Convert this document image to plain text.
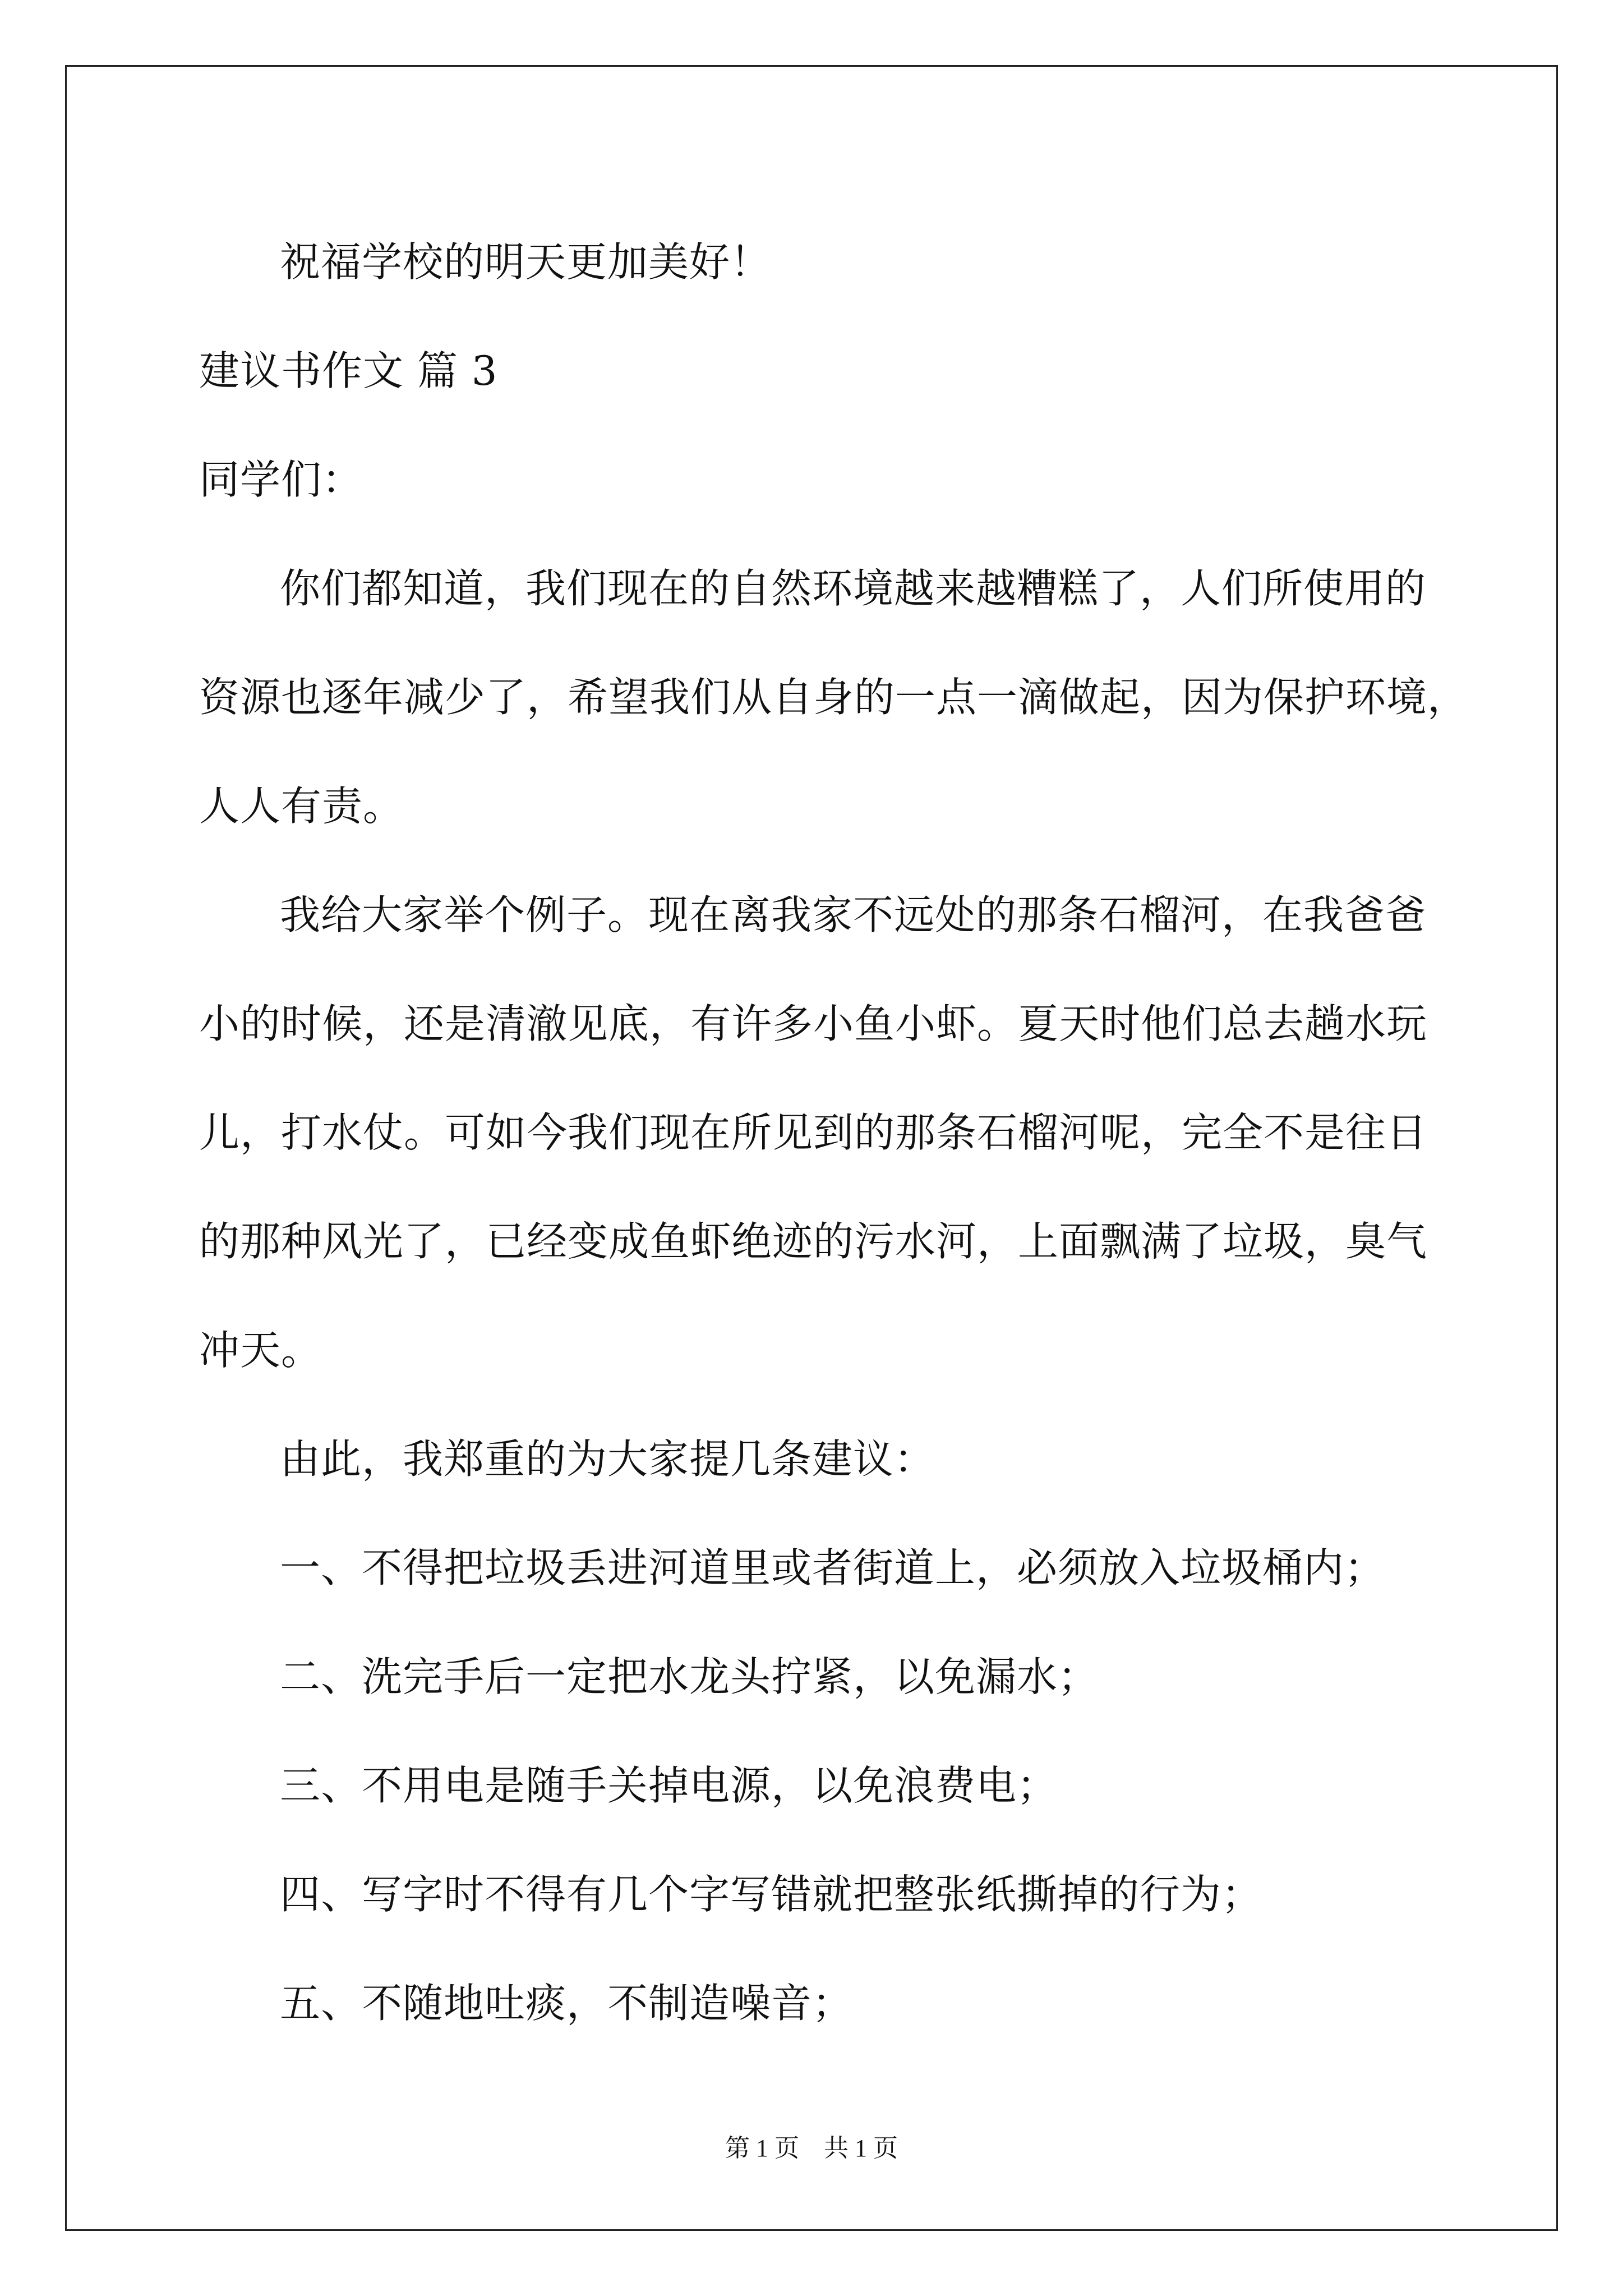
祝福学校的明天更加美好！
建议书作文 篇 3
同学们：
你们都知道，我们现在的自然环境越来越糟糕了，人们所使用的
资源也逐年减少了，希望我们从自身的一点一滴做起，因为保护环境，
人人有责。
我给大家举个例子。现在离我家不远处的那条石榴河，在我爸爸
小的时候，还是清澈见底，有许多小鱼小虾。夏天时他们总去趟水玩
儿，打水仗。可如今我们现在所见到的那条石榴河呢，完全不是往日
的那种风光了，已经变成鱼虾绝迹的污水河，上面飘满了垃圾，臭气
冲天。
由此，我郑重的为大家提几条建议：
一、不得把垃圾丢进河道里或者街道上，必须放入垃圾桶内；
二、洗完手后一定把水龙头拧紧，以免漏水；
三、不用电是随手关掉电源，以免浪费电；
四、写字时不得有几个字写错就把整张纸撕掉的行为；
五、不随地吐痰，不制造噪音；
第 1 页　共 1 页
